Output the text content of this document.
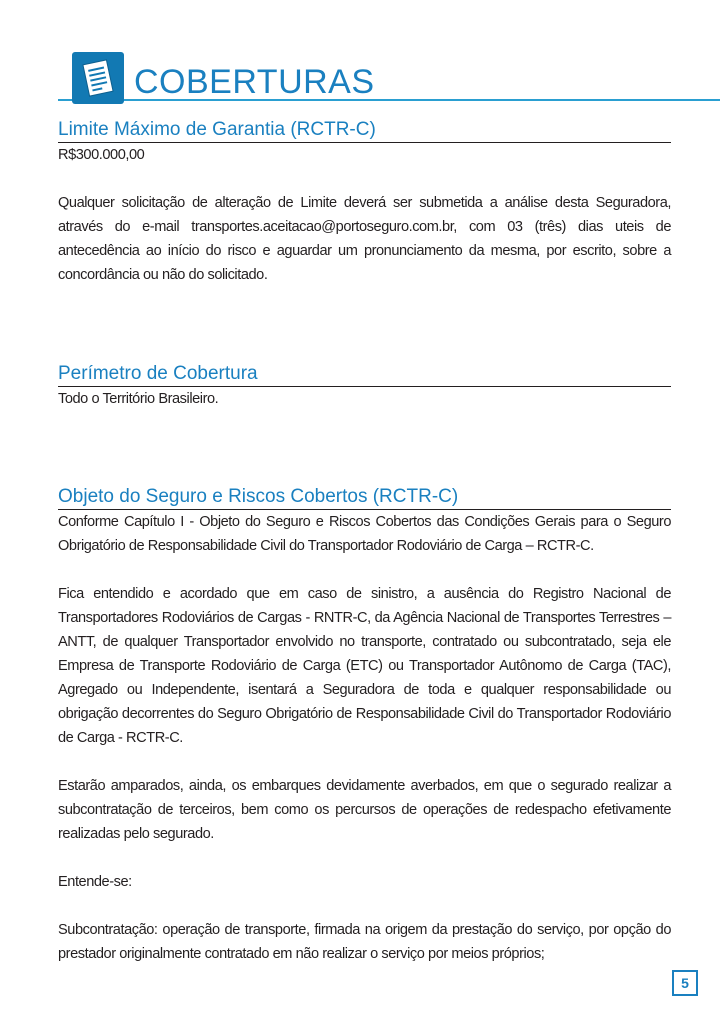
COBERTURAS
Limite Máximo de Garantia (RCTR-C)

R$300.000,00

Qualquer solicitação de alteração de Limite deverá ser submetida a análise desta Seguradora, através do e-mail transportes.aceitacao@portoseguro.com.br, com 03 (três) dias uteis de antecedência ao início do risco e aguardar um pronunciamento da mesma, por escrito, sobre a concordância ou não do solicitado.

Perímetro de Cobertura

Todo o Território Brasileiro.

Objeto do Seguro e Riscos Cobertos (RCTR-C)

Conforme Capítulo I - Objeto do Seguro e Riscos Cobertos das Condições Gerais para o Seguro Obrigatório de Responsabilidade Civil do Transportador Rodoviário de Carga – RCTR-C.

Fica entendido e acordado que em caso de sinistro, a ausência do Registro Nacional de Transportadores Rodoviários de Cargas - RNTR-C, da Agência Nacional de Transportes Terrestres – ANTT, de qualquer Transportador envolvido no transporte, contratado ou subcontratado, seja ele Empresa de Transporte Rodoviário de Carga (ETC) ou Transportador Autônomo de Carga (TAC), Agregado ou Independente, isentará a Seguradora de toda e qualquer responsabilidade ou obrigação decorrentes do Seguro Obrigatório de Responsabilidade Civil do Transportador Rodoviário de Carga - RCTR-C.

Estarão amparados, ainda, os embarques devidamente averbados, em que o segurado realizar a subcontratação de terceiros, bem como os percursos de operações de redespacho efetivamente realizadas pelo segurado.

Entende-se:

Subcontratação: operação de transporte, firmada na origem da prestação do serviço, por opção do prestador originalmente contratado em não realizar o serviço por meios próprios;

5
